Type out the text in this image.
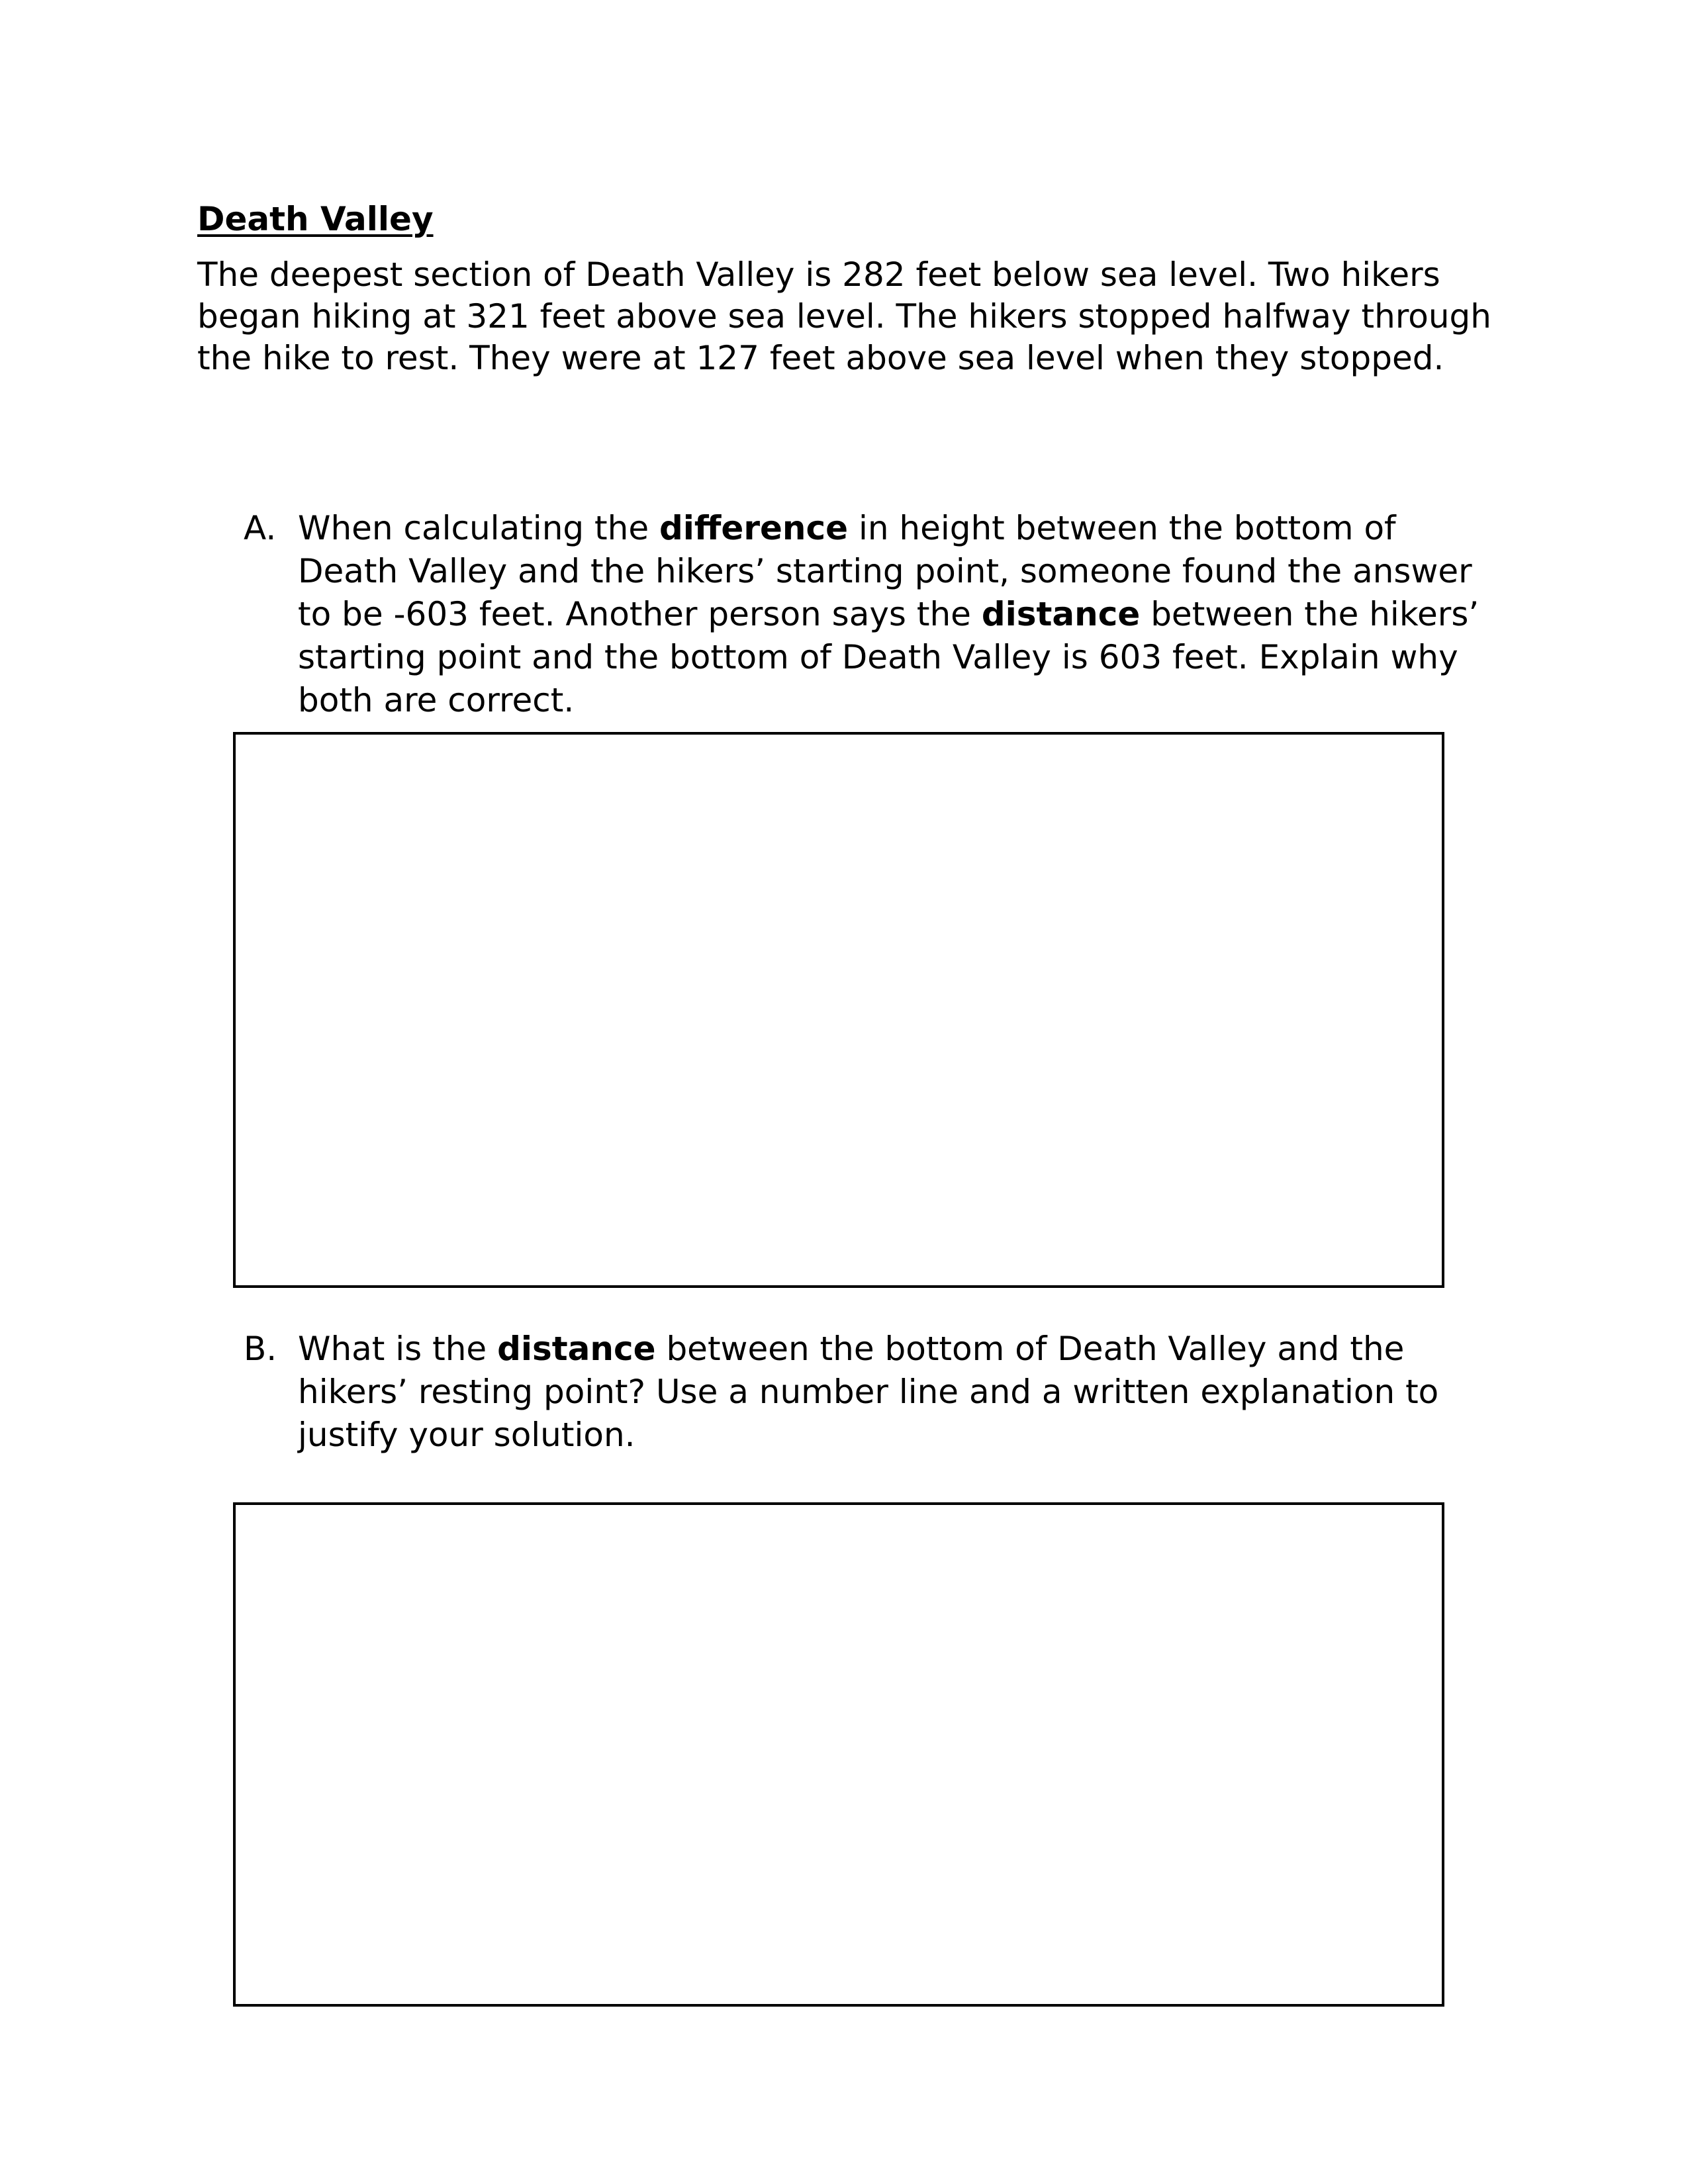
Death Valley

The deepest section of Death Valley is 282 feet below sea level. Two hikers began hiking at 321 feet above sea level. The hikers stopped halfway through the hike to rest. They were at 127 feet above sea level when they stopped.

A. When calculating the difference in height between the bottom of Death Valley and the hikers’ starting point, someone found the answer to be -603 feet. Another person says the distance between the hikers’ starting point and the bottom of Death Valley is 603 feet. Explain why both are correct.
B. What is the distance between the bottom of Death Valley and the hikers’ resting point? Use a number line and a written explanation to justify your solution.
